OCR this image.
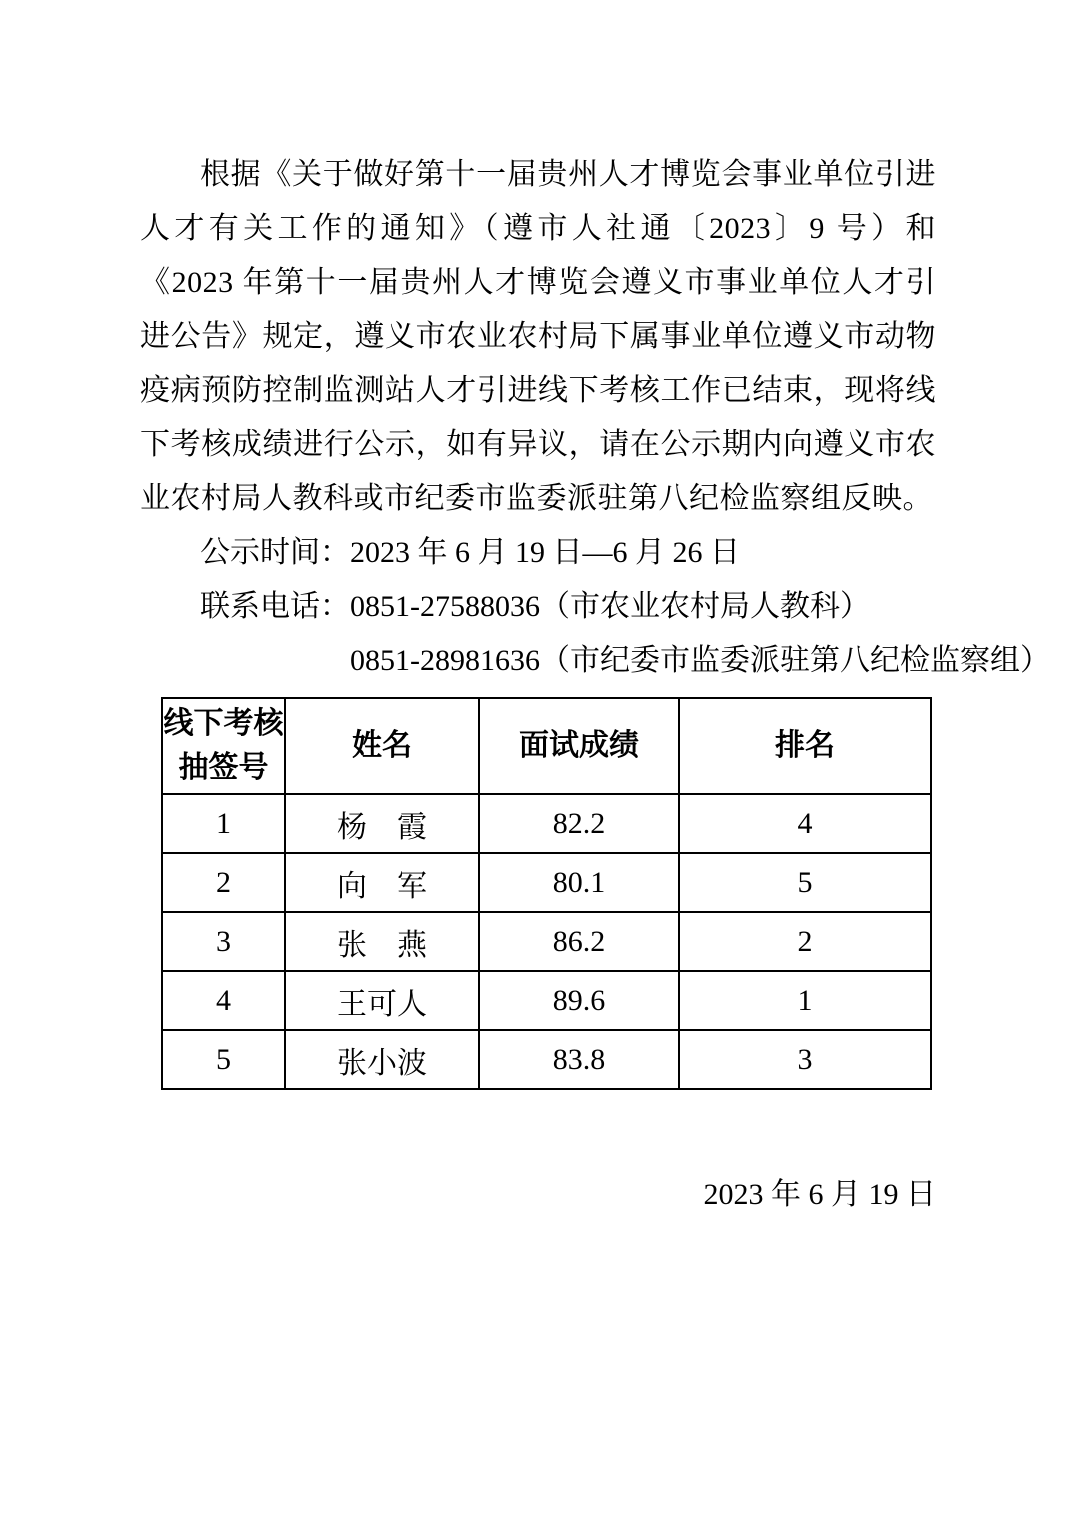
根据《关于做好第十一届贵州人才博览会事业单位引进人才有关工作的通知》（遵市人社通〔2023〕9 号）和《2023 年第十一届贵州人才博览会遵义市事业单位人才引进公告》规定，遵义市农业农村局下属事业单位遵义市动物疫病预防控制监测站人才引进线下考核工作已结束，现将线下考核成绩进行公示，如有异议，请在公示期内向遵义市农业农村局人教科或市纪委市监委派驻第八纪检监察组反映。

公示时间：2023 年 6 月 19 日—6 月 26 日

联系电话：0851-27588036（市农业农村局人教科）

0851-28981636（市纪委市监委派驻第八纪检监察组）

线下考核
抽签号	姓名	面试成绩	排名
1	杨　霞	82.2	4
2	向　军	80.1	5
3	张　燕	86.2	2
4	王可人	89.6	1
5	张小波	83.8	3

2023 年 6 月 19 日
